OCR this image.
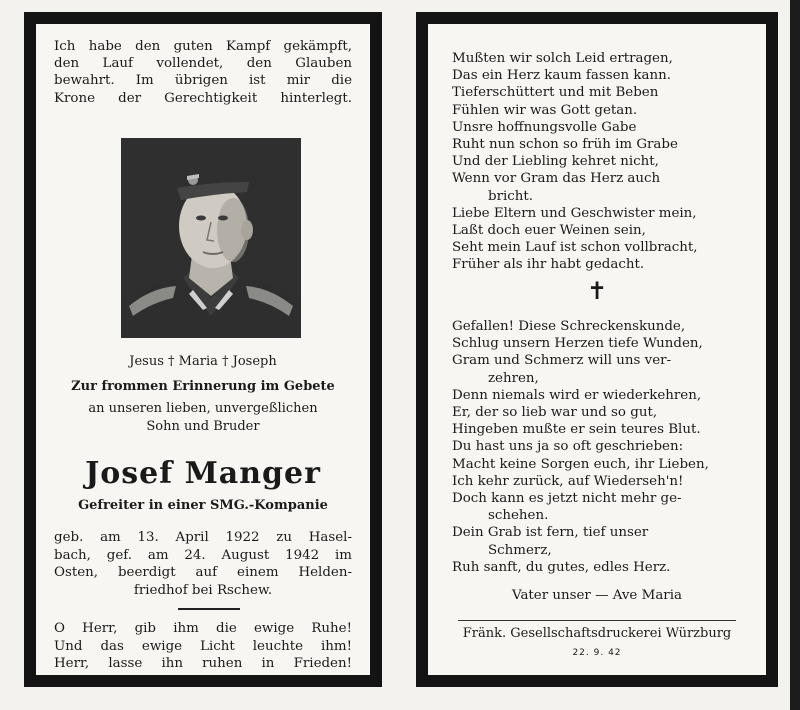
Ich habe den guten Kampf gekämpft,
den Lauf vollendet, den Glauben
bewahrt. Im übrigen ist mir die
Krone der Gerechtigkeit hinterlegt.
Jesus † Maria † Joseph
Zur frommen Erinnerung im Gebete
an unseren lieben, unvergeßlichen
Sohn und Bruder
Josef Manger
Gefreiter in einer SMG.-Kompanie
geb. am 13. April 1922 zu Hasel-
bach, gef. am 24. August 1942 im
Osten, beerdigt auf einem Helden-
friedhof bei Rschew.
O Herr, gib ihm die ewige Ruhe!
Und das ewige Licht leuchte ihm!
Herr, lasse ihn ruhen in Frieden!
Mußten wir solch Leid ertragen,
Das ein Herz kaum fassen kann.
Tieferschüttert und mit Beben
Fühlen wir was Gott getan.
Unsre hoffnungsvolle Gabe
Ruht nun schon so früh im Grabe
Und der Liebling kehret nicht,
Wenn vor Gram das Herz auch
bricht.
Liebe Eltern und Geschwister mein,
Laßt doch euer Weinen sein,
Seht mein Lauf ist schon vollbracht,
Früher als ihr habt gedacht.
✝
Gefallen! Diese Schreckenskunde,
Schlug unsern Herzen tiefe Wunden,
Gram und Schmerz will uns ver-
zehren,
Denn niemals wird er wiederkehren,
Er, der so lieb war und so gut,
Hingeben mußte er sein teures Blut.
Du hast uns ja so oft geschrieben:
Macht keine Sorgen euch, ihr Lieben,
Ich kehr zurück, auf Wiederseh'n!
Doch kann es jetzt nicht mehr ge-
schehen.
Dein Grab ist fern, tief unser
Schmerz,
Ruh sanft, du gutes, edles Herz.
Vater unser — Ave Maria
Fränk. Gesellschaftsdruckerei Würzburg
22. 9. 42
